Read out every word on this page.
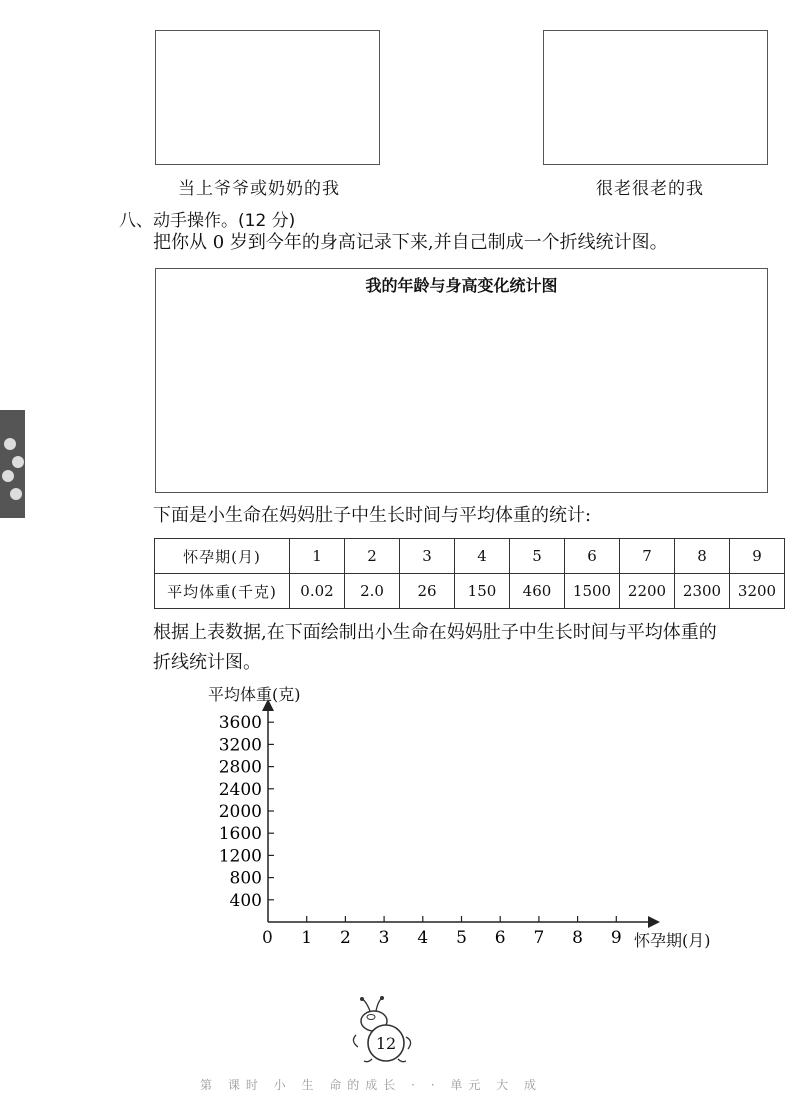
当上爷爷或奶奶的我	很老很老的我
八、动手操作。(12 分)
把你从 0 岁到今年的身高记录下来,并自己制成一个折线统计图。
我的年龄与身高变化统计图
下面是小生命在妈妈肚子中生长时间与平均体重的统计:
怀孕期(月)	1	2	3	4	5	6	7	8	9
平均体重(千克)	0.02	2.0	26	150	460	1500	2200	2300	3200
根据上表数据,在下面绘制出小生命在妈妈肚子中生长时间与平均体重的
折线统计图。
400
800
1200
1600
2000
2400
2800
3200
3600
1 2 3 4 5 6 7 8 9
平均体重(克)
怀孕期(月)
0
12
第 课时 小 生 命的成长 · · 单元 大 成
